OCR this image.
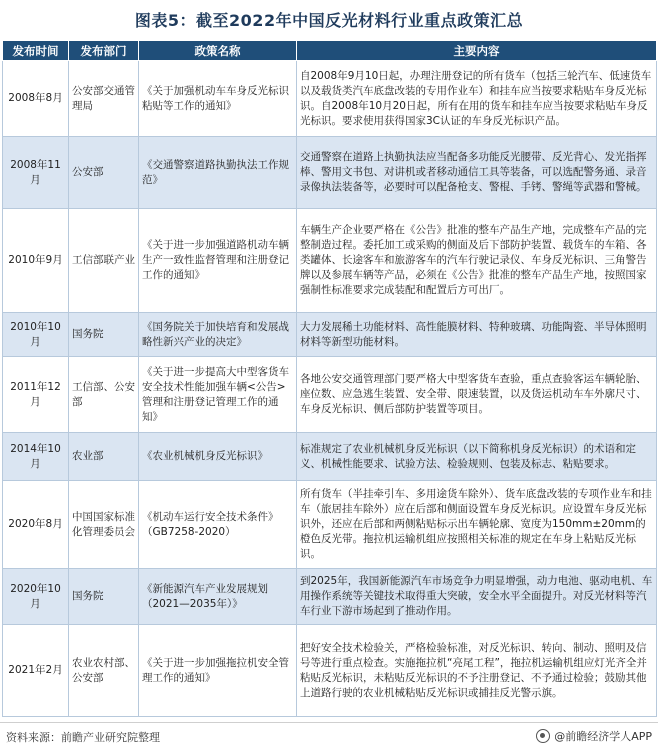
图表5：截至2022年中国反光材料行业重点政策汇总
发布时间	发布部门	政策名称	主要内容
2008年8月	公安部交通管理局	《关于加强机动车车身反光标识粘贴等工作的通知》	自2008年9月10日起，办理注册登记的所有货车（包括三轮汽车、低速货车以及载货类汽车底盘改装的专用作业车）和挂车应当按要求粘贴车身反光标识。自2008年10月20日起，所有在用的货车和挂车应当按要求粘贴车身反光标识。要求使用获得国家3C认证的车身反光标识产品。
2008年11月	公安部	《交通警察道路执勤执法工作规范》	交通警察在道路上执勤执法应当配备多功能反光腰带、反光背心、发光指挥棒、警用文书包、对讲机或者移动通信工具等装备，可以选配警务通、录音录像执法装备等，必要时可以配备枪支、警棍、手铐、警绳等武器和警械。
2010年9月	工信部联产业	《关于进一步加强道路机动车辆生产一致性监督管理和注册登记工作的通知》	车辆生产企业要严格在《公告》批准的整车产品生产地，完成整车产品的完整制造过程。委托加工或采购的侧面及后下部防护装置、载货车的车箱、各类罐体、长途客车和旅游客车的汽车行驶记录仪、车身反光标识、三角警告牌以及参展车辆等产品，必须在《公告》批准的整车产品生产地，按照国家强制性标准要求完成装配和配置后方可出厂。
2010年10月	国务院	《国务院关于加快培育和发展战略性新兴产业的决定》	大力发展稀土功能材料、高性能膜材料、特种玻璃、功能陶瓷、半导体照明材料等新型功能材料。
2011年12月	工信部、公安部	《关于进一步提高大中型客货车安全技术性能加强车辆<公告>管理和注册登记管理工作的通知》	各地公安交通管理部门要严格大中型客货车查验，重点查验客运车辆轮胎、座位数、应急逃生装置、安全带、限速装置，以及货运机动车车外廓尺寸、车身反光标识、侧后部防护装置等项目。
2014年10月	农业部	《农业机械机身反光标识》	标准规定了农业机械机身反光标识（以下简称机身反光标识）的术语和定义、机械性能要求、试验方法、检验规则、包装及标志、粘贴要求。
2020年8月	中国国家标准化管理委员会	《机动车运行安全技术条件》（GB7258-2020）	所有货车（半挂牵引车、多用途货车除外）、货车底盘改装的专项作业车和挂车（旅居挂车除外）应在后部和侧面设置车身反光标识。应设置车身反光标识外，还应在后部和两侧粘贴标示出车辆轮廓、宽度为150mm±20mm的橙色反光带。拖拉机运输机组应按照相关标准的规定在车身上粘贴反光标识。
2020年10月	国务院	《新能源汽车产业发展规划（2021—2035年）》	到2025年，我国新能源汽车市场竞争力明显增强，动力电池、驱动电机、车用操作系统等关键技术取得重大突破，安全水平全面提升。对反光材料等汽车行业下游市场起到了推动作用。
2021年2月	农业农村部、公安部	《关于进一步加强拖拉机安全管理工作的通知》	把好安全技术检验关，严格检验标准，对反光标识、转向、制动、照明及信号等进行重点检查。实施拖拉机“亮尾工程”，拖拉机运输机组应灯光齐全并粘贴反光标识，未粘贴反光标识的不予注册登记、不予通过检验；鼓励其他上道路行驶的农业机械粘贴反光标识或捕挂反光警示旗。
资料来源：前瞻产业研究院整理	@前瞻经济学人APP
